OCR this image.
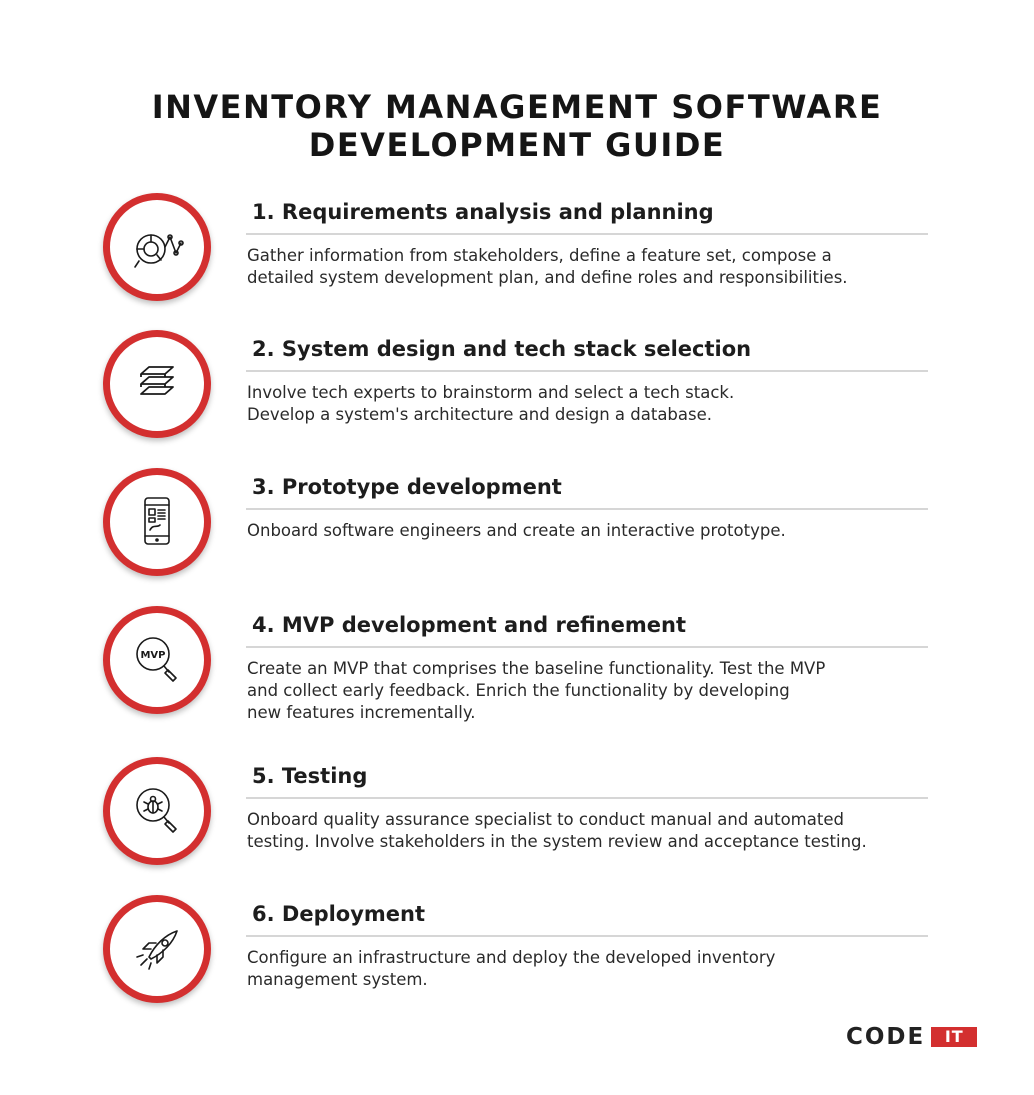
INVENTORY MANAGEMENT SOFTWARE
DEVELOPMENT GUIDE
1. Requirements analysis and planning
Gather information from stakeholders, define a feature set, compose a
detailed system development plan, and define roles and responsibilities.
2. System design and tech stack selection
Involve tech experts to brainstorm and select a tech stack.
Develop a system's architecture and design a database.
3. Prototype development
Onboard software engineers and create an interactive prototype.
MVP
4. MVP development and refinement
Create an MVP that comprises the baseline functionality. Test the MVP
and collect early feedback. Enrich the functionality by developing
new features incrementally.
5. Testing
Onboard quality assurance specialist to conduct manual and automated
testing. Involve stakeholders in the system review and acceptance testing.
6. Deployment
Configure an infrastructure and deploy the developed inventory
management system.
CODE	IT
